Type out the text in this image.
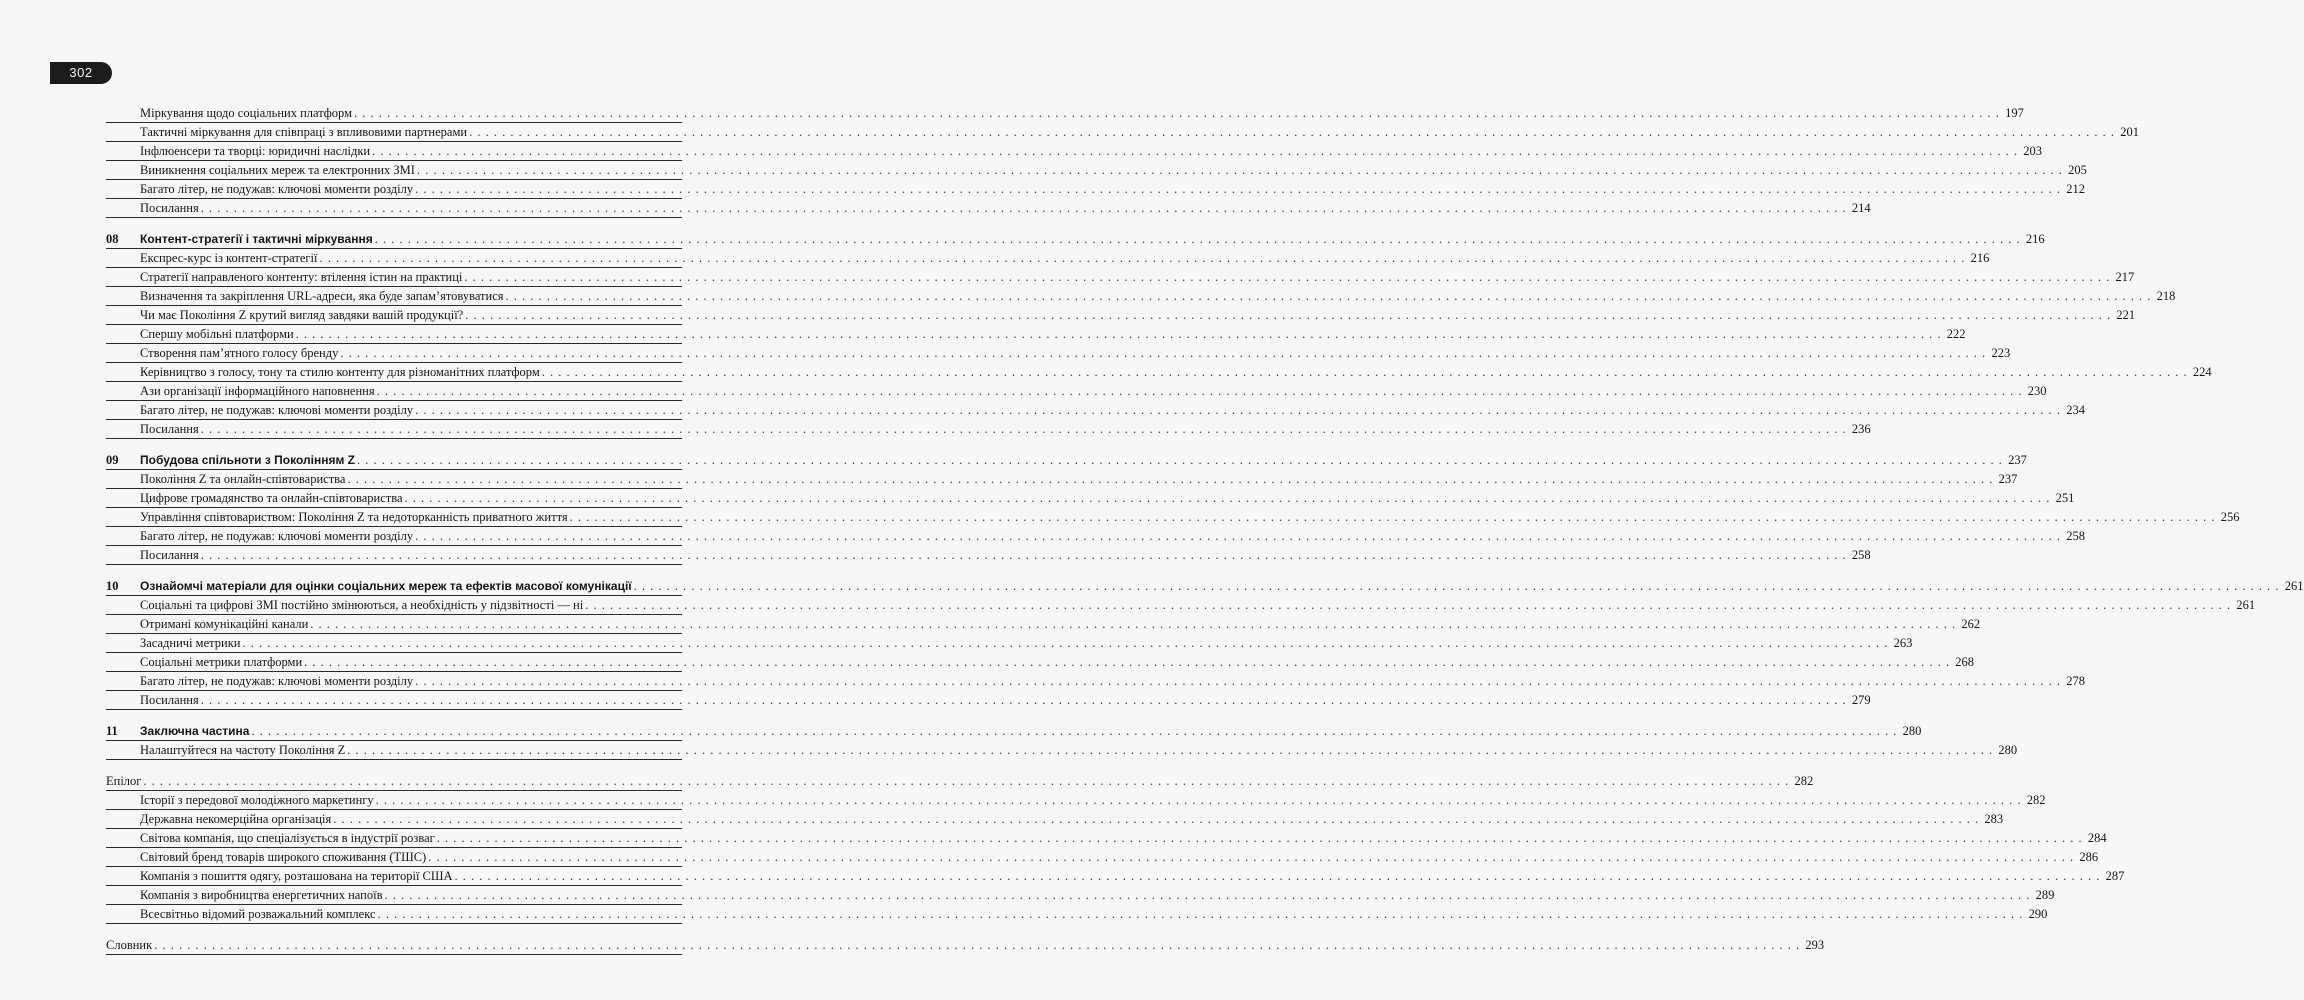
302
Міркування щодо соціальних платформ . . . . . . . . . . . . . . . . . . . . . . . . . . . . . . . . . . . . . . . . . . . . . . . . . . . . . . . . . . . . . . . . . . . . . . . . . . . . . . . . . . . . . . . . . . . . . . . . . . . . . . . . . . . . . . . . . . . . . . . . . . . . . . . . . . . . . . . . . . . . . . . . . . . . . . . . . . . . . . . . . . . . . . . . . . . . . . . . . . . . . . . . . . . . . . . . . . . . . . . . 197
Тактичні міркування для співпраці з впливовими партнерами . . . . . . . . . . . . . . . . . . . . . . . . . . . . . . . . . . . . . . . . . . . . . . . . . . . . . . . . . . . . . . . . . . . . . . . . . . . . . . . . . . . . . . . . . . . . . . . . . . . . . . . . . . . . . . . . . . . . . . . . . . . . . . . . . . . . . . . . . . . . . . . . . . . . . . . . . . . . . . . . . . . . . . . . . . . . . . . . . . . . . . . . . . . . . . . . . . . . . . . . 201
Інфлюенсери та творці: юридичні наслідки . . . . . . . . . . . . . . . . . . . . . . . . . . . . . . . . . . . . . . . . . . . . . . . . . . . . . . . . . . . . . . . . . . . . . . . . . . . . . . . . . . . . . . . . . . . . . . . . . . . . . . . . . . . . . . . . . . . . . . . . . . . . . . . . . . . . . . . . . . . . . . . . . . . . . . . . . . . . . . . . . . . . . . . . . . . . . . . . . . . . . . . . . . . . . . . . . . . . . . . . 203
Виникнення соціальних мереж та електронних ЗМІ . . . . . . . . . . . . . . . . . . . . . . . . . . . . . . . . . . . . . . . . . . . . . . . . . . . . . . . . . . . . . . . . . . . . . . . . . . . . . . . . . . . . . . . . . . . . . . . . . . . . . . . . . . . . . . . . . . . . . . . . . . . . . . . . . . . . . . . . . . . . . . . . . . . . . . . . . . . . . . . . . . . . . . . . . . . . . . . . . . . . . . . . . . . . . . . . . . . . . . . . 205
Багато літер, не подужав: ключові моменти розділу . . . . . . . . . . . . . . . . . . . . . . . . . . . . . . . . . . . . . . . . . . . . . . . . . . . . . . . . . . . . . . . . . . . . . . . . . . . . . . . . . . . . . . . . . . . . . . . . . . . . . . . . . . . . . . . . . . . . . . . . . . . . . . . . . . . . . . . . . . . . . . . . . . . . . . . . . . . . . . . . . . . . . . . . . . . . . . . . . . . . . . . . . . . . . . . . . . . . . . . . 212
Посилання . . . . . . . . . . . . . . . . . . . . . . . . . . . . . . . . . . . . . . . . . . . . . . . . . . . . . . . . . . . . . . . . . . . . . . . . . . . . . . . . . . . . . . . . . . . . . . . . . . . . . . . . . . . . . . . . . . . . . . . . . . . . . . . . . . . . . . . . . . . . . . . . . . . . . . . . . . . . . . . . . . . . . . . . . . . . . . . . . . . . . . . . . . . . . . . . . . . . . . . . 214
08	Контент-стратегії і тактичні міркування . . . . . . . . . . . . . . . . . . . . . . . . . . . . . . . . . . . . . . . . . . . . . . . . . . . . . . . . . . . . . . . . . . . . . . . . . . . . . . . . . . . . . . . . . . . . . . . . . . . . . . . . . . . . . . . . . . . . . . . . . . . . . . . . . . . . . . . . . . . . . . . . . . . . . . . . . . . . . . . . . . . . . . . . . . . . . . . . . . . . . . . . . . . . . . . . . . . . . . . . 216
Експрес-курс із контент-стратегії . . . . . . . . . . . . . . . . . . . . . . . . . . . . . . . . . . . . . . . . . . . . . . . . . . . . . . . . . . . . . . . . . . . . . . . . . . . . . . . . . . . . . . . . . . . . . . . . . . . . . . . . . . . . . . . . . . . . . . . . . . . . . . . . . . . . . . . . . . . . . . . . . . . . . . . . . . . . . . . . . . . . . . . . . . . . . . . . . . . . . . . . . . . . . . . . . . . . . . . . 216
Стратегії направленого контенту: втілення істин на практиці . . . . . . . . . . . . . . . . . . . . . . . . . . . . . . . . . . . . . . . . . . . . . . . . . . . . . . . . . . . . . . . . . . . . . . . . . . . . . . . . . . . . . . . . . . . . . . . . . . . . . . . . . . . . . . . . . . . . . . . . . . . . . . . . . . . . . . . . . . . . . . . . . . . . . . . . . . . . . . . . . . . . . . . . . . . . . . . . . . . . . . . . . . . . . . . . . . . . . . . . 217
Визначення та закріплення URL-адреси, яка буде запам’ятовуватися . . . . . . . . . . . . . . . . . . . . . . . . . . . . . . . . . . . . . . . . . . . . . . . . . . . . . . . . . . . . . . . . . . . . . . . . . . . . . . . . . . . . . . . . . . . . . . . . . . . . . . . . . . . . . . . . . . . . . . . . . . . . . . . . . . . . . . . . . . . . . . . . . . . . . . . . . . . . . . . . . . . . . . . . . . . . . . . . . . . . . . . . . . . . . . . . . . . . . . . . 218
Чи має Покоління Z крутий вигляд завдяки вашій продукції? . . . . . . . . . . . . . . . . . . . . . . . . . . . . . . . . . . . . . . . . . . . . . . . . . . . . . . . . . . . . . . . . . . . . . . . . . . . . . . . . . . . . . . . . . . . . . . . . . . . . . . . . . . . . . . . . . . . . . . . . . . . . . . . . . . . . . . . . . . . . . . . . . . . . . . . . . . . . . . . . . . . . . . . . . . . . . . . . . . . . . . . . . . . . . . . . . . . . . . . . 221
Спершу мобільні платформи . . . . . . . . . . . . . . . . . . . . . . . . . . . . . . . . . . . . . . . . . . . . . . . . . . . . . . . . . . . . . . . . . . . . . . . . . . . . . . . . . . . . . . . . . . . . . . . . . . . . . . . . . . . . . . . . . . . . . . . . . . . . . . . . . . . . . . . . . . . . . . . . . . . . . . . . . . . . . . . . . . . . . . . . . . . . . . . . . . . . . . . . . . . . . . . . . . . . . . . . 222
Створення пам’ятного голосу бренду . . . . . . . . . . . . . . . . . . . . . . . . . . . . . . . . . . . . . . . . . . . . . . . . . . . . . . . . . . . . . . . . . . . . . . . . . . . . . . . . . . . . . . . . . . . . . . . . . . . . . . . . . . . . . . . . . . . . . . . . . . . . . . . . . . . . . . . . . . . . . . . . . . . . . . . . . . . . . . . . . . . . . . . . . . . . . . . . . . . . . . . . . . . . . . . . . . . . . . . . 223
Керівництво з голосу, тону та стилю контенту для різноманітних платформ . . . . . . . . . . . . . . . . . . . . . . . . . . . . . . . . . . . . . . . . . . . . . . . . . . . . . . . . . . . . . . . . . . . . . . . . . . . . . . . . . . . . . . . . . . . . . . . . . . . . . . . . . . . . . . . . . . . . . . . . . . . . . . . . . . . . . . . . . . . . . . . . . . . . . . . . . . . . . . . . . . . . . . . . . . . . . . . . . . . . . . . . . . . . . . . . . . . . . . . . 224
Ази організації інформаційного наповнення . . . . . . . . . . . . . . . . . . . . . . . . . . . . . . . . . . . . . . . . . . . . . . . . . . . . . . . . . . . . . . . . . . . . . . . . . . . . . . . . . . . . . . . . . . . . . . . . . . . . . . . . . . . . . . . . . . . . . . . . . . . . . . . . . . . . . . . . . . . . . . . . . . . . . . . . . . . . . . . . . . . . . . . . . . . . . . . . . . . . . . . . . . . . . . . . . . . . . . . . 230
Багато літер, не подужав: ключові моменти розділу . . . . . . . . . . . . . . . . . . . . . . . . . . . . . . . . . . . . . . . . . . . . . . . . . . . . . . . . . . . . . . . . . . . . . . . . . . . . . . . . . . . . . . . . . . . . . . . . . . . . . . . . . . . . . . . . . . . . . . . . . . . . . . . . . . . . . . . . . . . . . . . . . . . . . . . . . . . . . . . . . . . . . . . . . . . . . . . . . . . . . . . . . . . . . . . . . . . . . . . . 234
Посилання . . . . . . . . . . . . . . . . . . . . . . . . . . . . . . . . . . . . . . . . . . . . . . . . . . . . . . . . . . . . . . . . . . . . . . . . . . . . . . . . . . . . . . . . . . . . . . . . . . . . . . . . . . . . . . . . . . . . . . . . . . . . . . . . . . . . . . . . . . . . . . . . . . . . . . . . . . . . . . . . . . . . . . . . . . . . . . . . . . . . . . . . . . . . . . . . . . . . . . . . 236
09	Побудова спільноти з Поколінням Z . . . . . . . . . . . . . . . . . . . . . . . . . . . . . . . . . . . . . . . . . . . . . . . . . . . . . . . . . . . . . . . . . . . . . . . . . . . . . . . . . . . . . . . . . . . . . . . . . . . . . . . . . . . . . . . . . . . . . . . . . . . . . . . . . . . . . . . . . . . . . . . . . . . . . . . . . . . . . . . . . . . . . . . . . . . . . . . . . . . . . . . . . . . . . . . . . . . . . . . . 237
Покоління Z та онлайн-співтовариства . . . . . . . . . . . . . . . . . . . . . . . . . . . . . . . . . . . . . . . . . . . . . . . . . . . . . . . . . . . . . . . . . . . . . . . . . . . . . . . . . . . . . . . . . . . . . . . . . . . . . . . . . . . . . . . . . . . . . . . . . . . . . . . . . . . . . . . . . . . . . . . . . . . . . . . . . . . . . . . . . . . . . . . . . . . . . . . . . . . . . . . . . . . . . . . . . . . . . . . . 237
Цифрове громадянство та онлайн-співтовариства . . . . . . . . . . . . . . . . . . . . . . . . . . . . . . . . . . . . . . . . . . . . . . . . . . . . . . . . . . . . . . . . . . . . . . . . . . . . . . . . . . . . . . . . . . . . . . . . . . . . . . . . . . . . . . . . . . . . . . . . . . . . . . . . . . . . . . . . . . . . . . . . . . . . . . . . . . . . . . . . . . . . . . . . . . . . . . . . . . . . . . . . . . . . . . . . . . . . . . . . 251
Управління співтовариством: Покоління Z та недоторканність приватного життя . . . . . . . . . . . . . . . . . . . . . . . . . . . . . . . . . . . . . . . . . . . . . . . . . . . . . . . . . . . . . . . . . . . . . . . . . . . . . . . . . . . . . . . . . . . . . . . . . . . . . . . . . . . . . . . . . . . . . . . . . . . . . . . . . . . . . . . . . . . . . . . . . . . . . . . . . . . . . . . . . . . . . . . . . . . . . . . . . . . . . . . . . . . . . . . . . . . . . . . . 256
Багато літер, не подужав: ключові моменти розділу . . . . . . . . . . . . . . . . . . . . . . . . . . . . . . . . . . . . . . . . . . . . . . . . . . . . . . . . . . . . . . . . . . . . . . . . . . . . . . . . . . . . . . . . . . . . . . . . . . . . . . . . . . . . . . . . . . . . . . . . . . . . . . . . . . . . . . . . . . . . . . . . . . . . . . . . . . . . . . . . . . . . . . . . . . . . . . . . . . . . . . . . . . . . . . . . . . . . . . . . 258
Посилання . . . . . . . . . . . . . . . . . . . . . . . . . . . . . . . . . . . . . . . . . . . . . . . . . . . . . . . . . . . . . . . . . . . . . . . . . . . . . . . . . . . . . . . . . . . . . . . . . . . . . . . . . . . . . . . . . . . . . . . . . . . . . . . . . . . . . . . . . . . . . . . . . . . . . . . . . . . . . . . . . . . . . . . . . . . . . . . . . . . . . . . . . . . . . . . . . . . . . . . . 258
10	Ознайомчі матеріали для оцінки соціальних мереж та ефектів масової комунікації . . . . . . . . . . . . . . . . . . . . . . . . . . . . . . . . . . . . . . . . . . . . . . . . . . . . . . . . . . . . . . . . . . . . . . . . . . . . . . . . . . . . . . . . . . . . . . . . . . . . . . . . . . . . . . . . . . . . . . . . . . . . . . . . . . . . . . . . . . . . . . . . . . . . . . . . . . . . . . . . . . . . . . . . . . . . . . . . . . . . . . . . . . . . . . . . . . . . . . . . 261
Соціальні та цифрові ЗМІ постійно змінюються, а необхідність у підзвітності — ні . . . . . . . . . . . . . . . . . . . . . . . . . . . . . . . . . . . . . . . . . . . . . . . . . . . . . . . . . . . . . . . . . . . . . . . . . . . . . . . . . . . . . . . . . . . . . . . . . . . . . . . . . . . . . . . . . . . . . . . . . . . . . . . . . . . . . . . . . . . . . . . . . . . . . . . . . . . . . . . . . . . . . . . . . . . . . . . . . . . . . . . . . . . . . . . . . . . . . . . . 261
Отримані комунікаційні канали . . . . . . . . . . . . . . . . . . . . . . . . . . . . . . . . . . . . . . . . . . . . . . . . . . . . . . . . . . . . . . . . . . . . . . . . . . . . . . . . . . . . . . . . . . . . . . . . . . . . . . . . . . . . . . . . . . . . . . . . . . . . . . . . . . . . . . . . . . . . . . . . . . . . . . . . . . . . . . . . . . . . . . . . . . . . . . . . . . . . . . . . . . . . . . . . . . . . . . . . 262
Засадничі метрики . . . . . . . . . . . . . . . . . . . . . . . . . . . . . . . . . . . . . . . . . . . . . . . . . . . . . . . . . . . . . . . . . . . . . . . . . . . . . . . . . . . . . . . . . . . . . . . . . . . . . . . . . . . . . . . . . . . . . . . . . . . . . . . . . . . . . . . . . . . . . . . . . . . . . . . . . . . . . . . . . . . . . . . . . . . . . . . . . . . . . . . . . . . . . . . . . . . . . . . . 263
Соціальні метрики платформи . . . . . . . . . . . . . . . . . . . . . . . . . . . . . . . . . . . . . . . . . . . . . . . . . . . . . . . . . . . . . . . . . . . . . . . . . . . . . . . . . . . . . . . . . . . . . . . . . . . . . . . . . . . . . . . . . . . . . . . . . . . . . . . . . . . . . . . . . . . . . . . . . . . . . . . . . . . . . . . . . . . . . . . . . . . . . . . . . . . . . . . . . . . . . . . . . . . . . . . . 268
Багато літер, не подужав: ключові моменти розділу . . . . . . . . . . . . . . . . . . . . . . . . . . . . . . . . . . . . . . . . . . . . . . . . . . . . . . . . . . . . . . . . . . . . . . . . . . . . . . . . . . . . . . . . . . . . . . . . . . . . . . . . . . . . . . . . . . . . . . . . . . . . . . . . . . . . . . . . . . . . . . . . . . . . . . . . . . . . . . . . . . . . . . . . . . . . . . . . . . . . . . . . . . . . . . . . . . . . . . . . 278
Посилання . . . . . . . . . . . . . . . . . . . . . . . . . . . . . . . . . . . . . . . . . . . . . . . . . . . . . . . . . . . . . . . . . . . . . . . . . . . . . . . . . . . . . . . . . . . . . . . . . . . . . . . . . . . . . . . . . . . . . . . . . . . . . . . . . . . . . . . . . . . . . . . . . . . . . . . . . . . . . . . . . . . . . . . . . . . . . . . . . . . . . . . . . . . . . . . . . . . . . . . . 279
11	Заключна частина . . . . . . . . . . . . . . . . . . . . . . . . . . . . . . . . . . . . . . . . . . . . . . . . . . . . . . . . . . . . . . . . . . . . . . . . . . . . . . . . . . . . . . . . . . . . . . . . . . . . . . . . . . . . . . . . . . . . . . . . . . . . . . . . . . . . . . . . . . . . . . . . . . . . . . . . . . . . . . . . . . . . . . . . . . . . . . . . . . . . . . . . . . . . . . . . . . . . . . . . 280
Налаштуйтеся на частоту Покоління Z . . . . . . . . . . . . . . . . . . . . . . . . . . . . . . . . . . . . . . . . . . . . . . . . . . . . . . . . . . . . . . . . . . . . . . . . . . . . . . . . . . . . . . . . . . . . . . . . . . . . . . . . . . . . . . . . . . . . . . . . . . . . . . . . . . . . . . . . . . . . . . . . . . . . . . . . . . . . . . . . . . . . . . . . . . . . . . . . . . . . . . . . . . . . . . . . . . . . . . . . 280
Епілог . . . . . . . . . . . . . . . . . . . . . . . . . . . . . . . . . . . . . . . . . . . . . . . . . . . . . . . . . . . . . . . . . . . . . . . . . . . . . . . . . . . . . . . . . . . . . . . . . . . . . . . . . . . . . . . . . . . . . . . . . . . . . . . . . . . . . . . . . . . . . . . . . . . . . . . . . . . . . . . . . . . . . . . . . . . . . . . . . . . . . . . . . . . . . . . . . . . . . . . . 282
Історії з передової молодіжного маркетингу . . . . . . . . . . . . . . . . . . . . . . . . . . . . . . . . . . . . . . . . . . . . . . . . . . . . . . . . . . . . . . . . . . . . . . . . . . . . . . . . . . . . . . . . . . . . . . . . . . . . . . . . . . . . . . . . . . . . . . . . . . . . . . . . . . . . . . . . . . . . . . . . . . . . . . . . . . . . . . . . . . . . . . . . . . . . . . . . . . . . . . . . . . . . . . . . . . . . . . . . 282
Державна некомерційна організація . . . . . . . . . . . . . . . . . . . . . . . . . . . . . . . . . . . . . . . . . . . . . . . . . . . . . . . . . . . . . . . . . . . . . . . . . . . . . . . . . . . . . . . . . . . . . . . . . . . . . . . . . . . . . . . . . . . . . . . . . . . . . . . . . . . . . . . . . . . . . . . . . . . . . . . . . . . . . . . . . . . . . . . . . . . . . . . . . . . . . . . . . . . . . . . . . . . . . . . . 283
Світова компанія, що спеціалізується в індустрії розваг . . . . . . . . . . . . . . . . . . . . . . . . . . . . . . . . . . . . . . . . . . . . . . . . . . . . . . . . . . . . . . . . . . . . . . . . . . . . . . . . . . . . . . . . . . . . . . . . . . . . . . . . . . . . . . . . . . . . . . . . . . . . . . . . . . . . . . . . . . . . . . . . . . . . . . . . . . . . . . . . . . . . . . . . . . . . . . . . . . . . . . . . . . . . . . . . . . . . . . . . 284
Світовий бренд товарів широкого споживання (ТШС) . . . . . . . . . . . . . . . . . . . . . . . . . . . . . . . . . . . . . . . . . . . . . . . . . . . . . . . . . . . . . . . . . . . . . . . . . . . . . . . . . . . . . . . . . . . . . . . . . . . . . . . . . . . . . . . . . . . . . . . . . . . . . . . . . . . . . . . . . . . . . . . . . . . . . . . . . . . . . . . . . . . . . . . . . . . . . . . . . . . . . . . . . . . . . . . . . . . . . . . . 286
Компанія з пошиття одягу, розташована на території США . . . . . . . . . . . . . . . . . . . . . . . . . . . . . . . . . . . . . . . . . . . . . . . . . . . . . . . . . . . . . . . . . . . . . . . . . . . . . . . . . . . . . . . . . . . . . . . . . . . . . . . . . . . . . . . . . . . . . . . . . . . . . . . . . . . . . . . . . . . . . . . . . . . . . . . . . . . . . . . . . . . . . . . . . . . . . . . . . . . . . . . . . . . . . . . . . . . . . . . . 287
Компанія з виробництва енергетичних напоїв . . . . . . . . . . . . . . . . . . . . . . . . . . . . . . . . . . . . . . . . . . . . . . . . . . . . . . . . . . . . . . . . . . . . . . . . . . . . . . . . . . . . . . . . . . . . . . . . . . . . . . . . . . . . . . . . . . . . . . . . . . . . . . . . . . . . . . . . . . . . . . . . . . . . . . . . . . . . . . . . . . . . . . . . . . . . . . . . . . . . . . . . . . . . . . . . . . . . . . . . 289
Всесвітньо відомий розважальний комплекс . . . . . . . . . . . . . . . . . . . . . . . . . . . . . . . . . . . . . . . . . . . . . . . . . . . . . . . . . . . . . . . . . . . . . . . . . . . . . . . . . . . . . . . . . . . . . . . . . . . . . . . . . . . . . . . . . . . . . . . . . . . . . . . . . . . . . . . . . . . . . . . . . . . . . . . . . . . . . . . . . . . . . . . . . . . . . . . . . . . . . . . . . . . . . . . . . . . . . . . . 290
Словник . . . . . . . . . . . . . . . . . . . . . . . . . . . . . . . . . . . . . . . . . . . . . . . . . . . . . . . . . . . . . . . . . . . . . . . . . . . . . . . . . . . . . . . . . . . . . . . . . . . . . . . . . . . . . . . . . . . . . . . . . . . . . . . . . . . . . . . . . . . . . . . . . . . . . . . . . . . . . . . . . . . . . . . . . . . . . . . . . . . . . . . . . . . . . . . . . . . . . . . . 293
